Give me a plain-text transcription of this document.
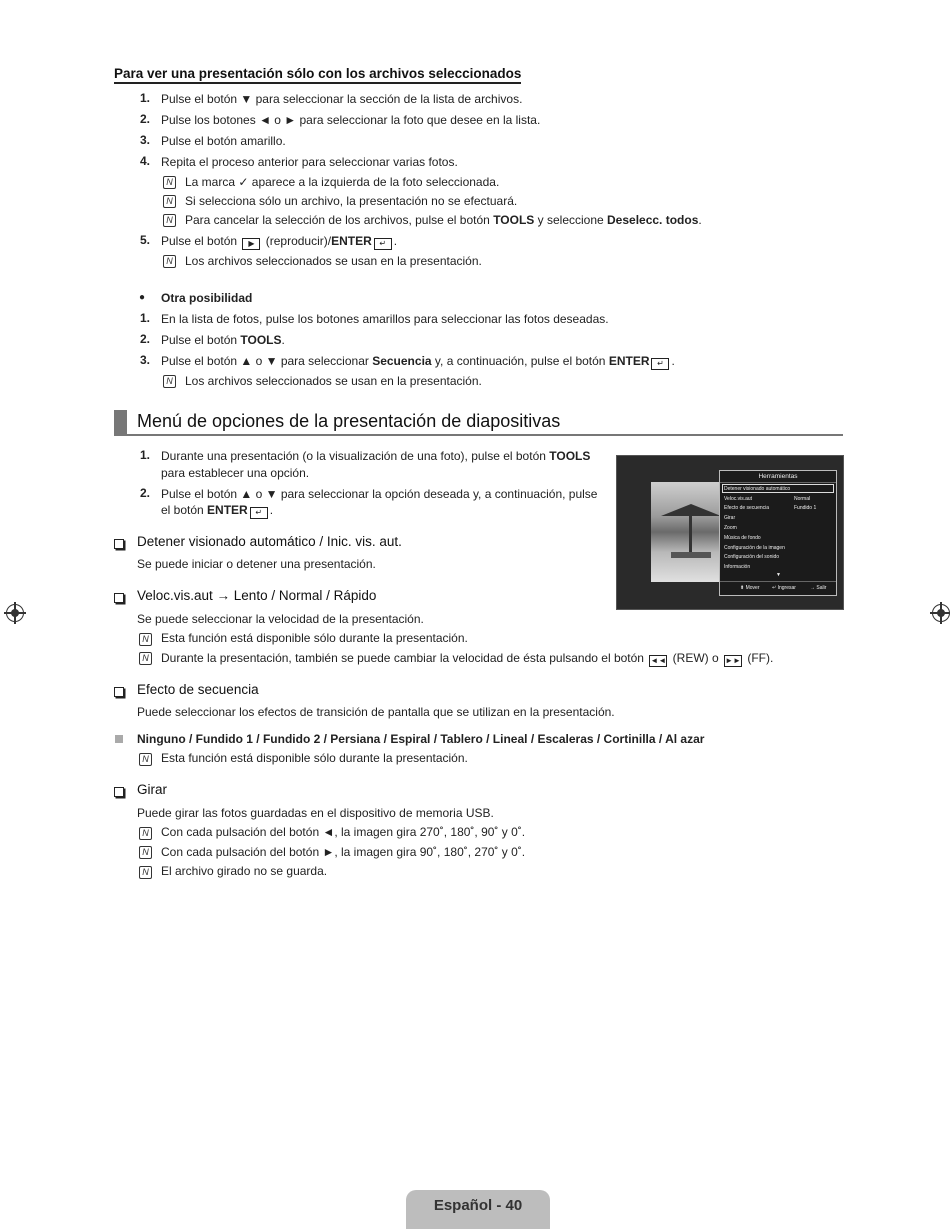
Para ver una presentación sólo con los archivos seleccionados
1. Pulse el botón ▼ para seleccionar la sección de la lista de archivos.
2. Pulse los botones ◄ o ► para seleccionar la foto que desee en la lista.
3. Pulse el botón amarillo.
4. Repita el proceso anterior para seleccionar varias fotos.
N La marca ✓ aparece a la izquierda de la foto seleccionada.
N Si selecciona sólo un archivo, la presentación no se efectuará.
N Para cancelar la selección de los archivos, pulse el botón TOOLS y seleccione Deselecc. todos.
5. Pulse el botón ▶ (reproducir)/ENTER ↵ .
N Los archivos seleccionados se usan en la presentación.
● Otra posibilidad
1. En la lista de fotos, pulse los botones amarillos para seleccionar las fotos deseadas.
2. Pulse el botón TOOLS.
3. Pulse el botón ▲ o ▼ para seleccionar Secuencia y, a continuación, pulse el botón ENTER ↵ .
N Los archivos seleccionados se usan en la presentación.
Menú de opciones de la presentación de diapositivas
1. Durante una presentación (o la visualización de una foto), pulse el botón TOOLS
para establecer una opción.
2. Pulse el botón ▲ o ▼ para seleccionar la opción deseada y, a continuación, pulse
el botón ENTER ↵ .
Herramientas
Detener visionado automático
Veloc.vis.aut	Normal
Efecto de secuencia	Fundido 1
Girar
Zoom
Música de fondo
Configuración de la imagen
Configuración del sonido
Información
▼
⬍ Mover	↵ Ingresar	→ Salir
Detener visionado automático / Inic. vis. aut.
Se puede iniciar o detener una presentación.
Veloc.vis.aut → Lento / Normal / Rápido
Se puede seleccionar la velocidad de la presentación.
N Esta función está disponible sólo durante la presentación.
N Durante la presentación, también se puede cambiar la velocidad de ésta pulsando el botón ◄◄ (REW) o ►► (FF).
Efecto de secuencia
Puede seleccionar los efectos de transición de pantalla que se utilizan en la presentación.
Ninguno / Fundido 1 / Fundido 2 / Persiana / Espiral / Tablero / Lineal / Escaleras / Cortinilla / Al azar
N Esta función está disponible sólo durante la presentación.
Girar
Puede girar las fotos guardadas en el dispositivo de memoria USB.
N Con cada pulsación del botón ◄, la imagen gira 270˚, 180˚, 90˚ y 0˚.
N Con cada pulsación del botón ►, la imagen gira 90˚, 180˚, 270˚ y 0˚.
N El archivo girado no se guarda.
Español - 40
